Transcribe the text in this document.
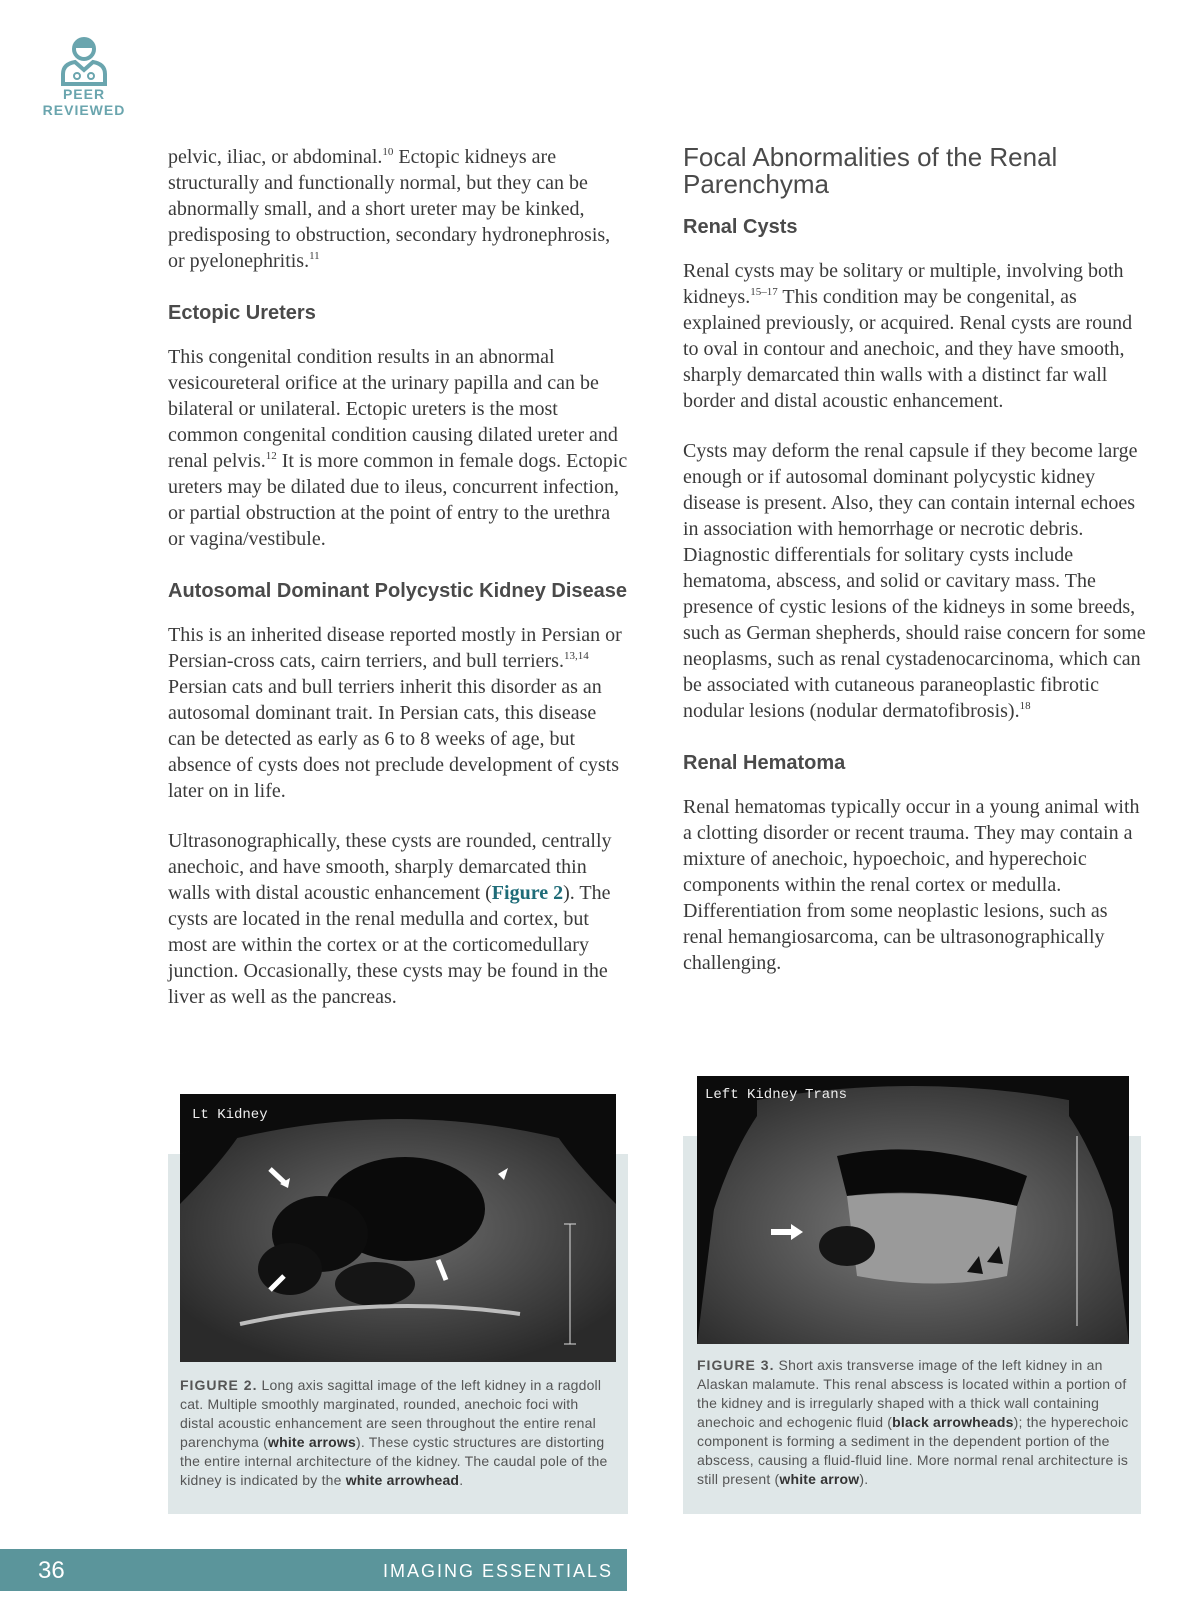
PEER
REVIEWED

pelvic, iliac, or abdominal.$^{10}$ Ectopic kidneys are structurally and functionally normal, but they can be abnormally small, and a short ureter may be kinked, predisposing to obstruction, secondary hydronephrosis, or pyelonephritis.$^{11}$

Ectopic Ureters

This congenital condition results in an abnormal vesicoureteral orifice at the urinary papilla and can be bilateral or unilateral. Ectopic ureters is the most common congenital condition causing dilated ureter and renal pelvis.$^{12}$ It is more common in female dogs. Ectopic ureters may be dilated due to ileus, concurrent infection, or partial obstruction at the point of entry to the urethra or vagina/vestibule.

Autosomal Dominant Polycystic Kidney Disease

This is an inherited disease reported mostly in Persian or Persian-cross cats, cairn terriers, and bull terriers.$^{13,14}$ Persian cats and bull terriers inherit this disorder as an autosomal dominant trait. In Persian cats, this disease can be detected as early as 6 to 8 weeks of age, but absence of cysts does not preclude development of cysts later on in life.

Ultrasonographically, these cysts are rounded, centrally anechoic, and have smooth, sharply demarcated thin walls with distal acoustic enhancement (Figure 2). The cysts are located in the renal medulla and cortex, but most are within the cortex or at the corticomedullary junction. Occasionally, these cysts may be found in the liver as well as the pancreas.

Focal Abnormalities of the Renal Parenchyma
Renal Cysts

Renal cysts may be solitary or multiple, involving both kidneys.$^{15-17}$ This condition may be congenital, as explained previously, or acquired. Renal cysts are round to oval in contour and anechoic, and they have smooth, sharply demarcated thin walls with a distinct far wall border and distal acoustic enhancement.

Cysts may deform the renal capsule if they become large enough or if autosomal dominant polycystic kidney disease is present. Also, they can contain internal echoes in association with hemorrhage or necrotic debris. Diagnostic differentials for solitary cysts include hematoma, abscess, and solid or cavitary mass. The presence of cystic lesions of the kidneys in some breeds, such as German shepherds, should raise concern for some neoplasms, such as renal cystadenocarcinoma, which can be associated with cutaneous paraneoplastic fibrotic nodular lesions (nodular dermatofibrosis).$^{18}$

Renal Hematoma

Renal hematomas typically occur in a young animal with a clotting disorder or recent trauma. They may contain a mixture of anechoic, hypoechoic, and hyperechoic components within the renal cortex or medulla. Differentiation from some neoplastic lesions, such as renal hemangiosarcoma, can be ultrasonographically challenging.

Lt Kidney
FIGURE 2. Long axis sagittal image of the left kidney in a ragdoll cat. Multiple smoothly marginated, rounded, anechoic foci with distal acoustic enhancement are seen throughout the entire renal parenchyma (white arrows). These cystic structures are distorting the entire internal architecture of the kidney. The caudal pole of the kidney is indicated by the white arrowhead.
Left Kidney Trans
FIGURE 3. Short axis transverse image of the left kidney in an Alaskan malamute. This renal abscess is located within a portion of the kidney and is irregularly shaped with a thick wall containing anechoic and echogenic fluid (black arrowheads); the hyperechoic component is forming a sediment in the dependent portion of the abscess, causing a fluid-fluid line. More normal renal architecture is still present (white arrow).
36	IMAGING ESSENTIALS
